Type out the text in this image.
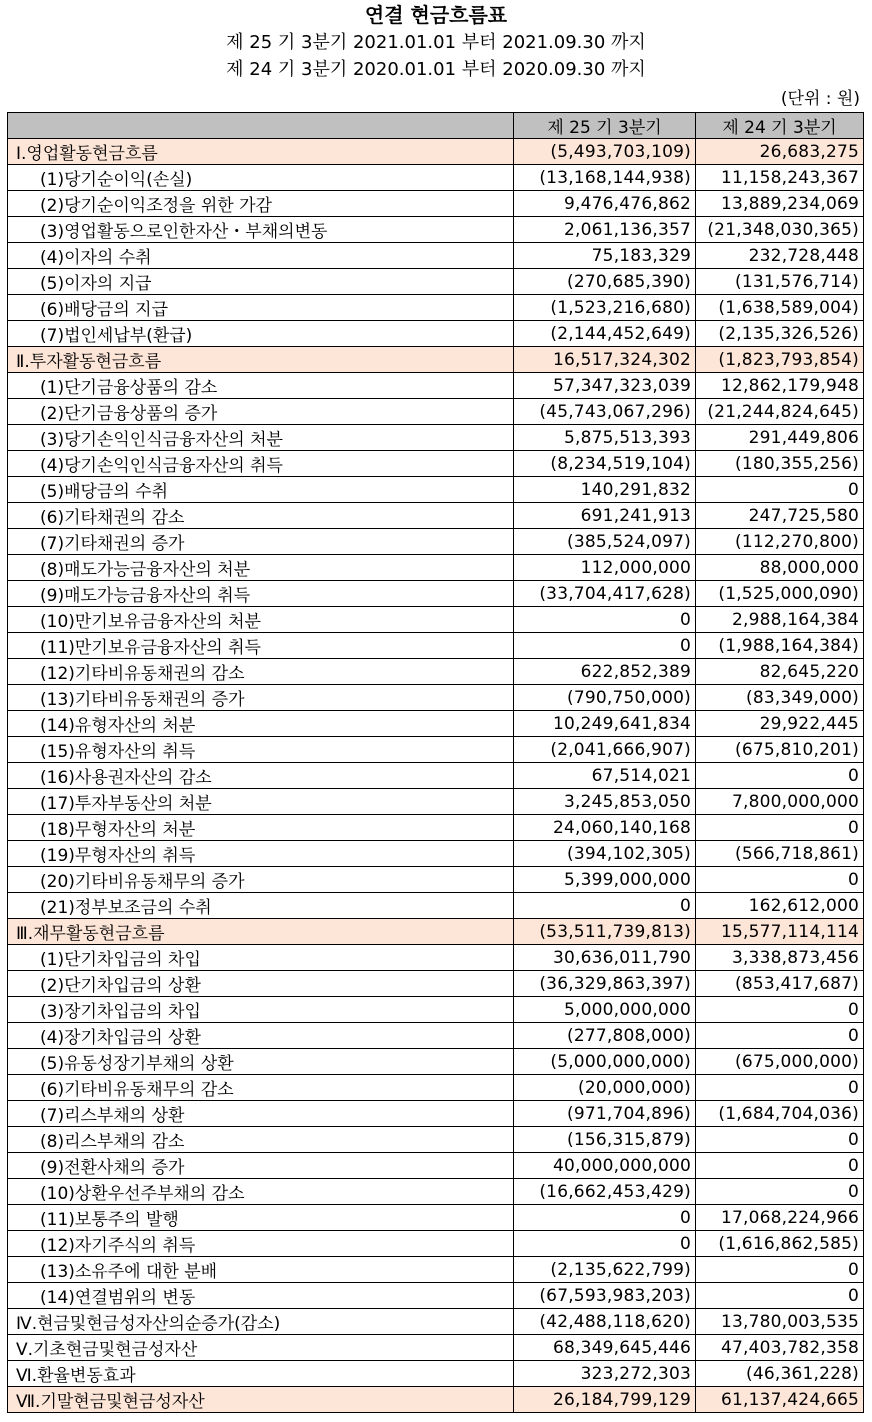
연결 현금흐름표
제 25 기 3분기 2021.01.01 부터 2021.09.30 까지
제 24 기 3분기 2020.01.01 부터 2020.09.30 까지
(단위 : 원)
	제 25 기 3분기	제 24 기 3분기
Ⅰ.영업활동현금흐름	(5,493,703,109)	26,683,275
(1)당기순이익(손실)	(13,168,144,938)	11,158,243,367
(2)당기순이익조정을 위한 가감	9,476,476,862	13,889,234,069
(3)영업활동으로인한자산・부채의변동	2,061,136,357	(21,348,030,365)
(4)이자의 수취	75,183,329	232,728,448
(5)이자의 지급	(270,685,390)	(131,576,714)
(6)배당금의 지급	(1,523,216,680)	(1,638,589,004)
(7)법인세납부(환급)	(2,144,452,649)	(2,135,326,526)
Ⅱ.투자활동현금흐름	16,517,324,302	(1,823,793,854)
(1)단기금융상품의 감소	57,347,323,039	12,862,179,948
(2)단기금융상품의 증가	(45,743,067,296)	(21,244,824,645)
(3)당기손익인식금융자산의 처분	5,875,513,393	291,449,806
(4)당기손익인식금융자산의 취득	(8,234,519,104)	(180,355,256)
(5)배당금의 수취	140,291,832	0
(6)기타채권의 감소	691,241,913	247,725,580
(7)기타채권의 증가	(385,524,097)	(112,270,800)
(8)매도가능금융자산의 처분	112,000,000	88,000,000
(9)매도가능금융자산의 취득	(33,704,417,628)	(1,525,000,090)
(10)만기보유금융자산의 처분	0	2,988,164,384
(11)만기보유금융자산의 취득	0	(1,988,164,384)
(12)기타비유동채권의 감소	622,852,389	82,645,220
(13)기타비유동채권의 증가	(790,750,000)	(83,349,000)
(14)유형자산의 처분	10,249,641,834	29,922,445
(15)유형자산의 취득	(2,041,666,907)	(675,810,201)
(16)사용권자산의 감소	67,514,021	0
(17)투자부동산의 처분	3,245,853,050	7,800,000,000
(18)무형자산의 처분	24,060,140,168	0
(19)무형자산의 취득	(394,102,305)	(566,718,861)
(20)기타비유동채무의 증가	5,399,000,000	0
(21)정부보조금의 수취	0	162,612,000
Ⅲ.재무활동현금흐름	(53,511,739,813)	15,577,114,114
(1)단기차입금의 차입	30,636,011,790	3,338,873,456
(2)단기차입금의 상환	(36,329,863,397)	(853,417,687)
(3)장기차입금의 차입	5,000,000,000	0
(4)장기차입금의 상환	(277,808,000)	0
(5)유동성장기부채의 상환	(5,000,000,000)	(675,000,000)
(6)기타비유동채무의 감소	(20,000,000)	0
(7)리스부채의 상환	(971,704,896)	(1,684,704,036)
(8)리스부채의 감소	(156,315,879)	0
(9)전환사채의 증가	40,000,000,000	0
(10)상환우선주부채의 감소	(16,662,453,429)	0
(11)보통주의 발행	0	17,068,224,966
(12)자기주식의 취득	0	(1,616,862,585)
(13)소유주에 대한 분배	(2,135,622,799)	0
(14)연결범위의 변동	(67,593,983,203)	0
Ⅳ.현금및현금성자산의순증가(감소)	(42,488,118,620)	13,780,003,535
Ⅴ.기초현금및현금성자산	68,349,645,446	47,403,782,358
Ⅵ.환율변동효과	323,272,303	(46,361,228)
Ⅶ.기말현금및현금성자산	26,184,799,129	61,137,424,665
